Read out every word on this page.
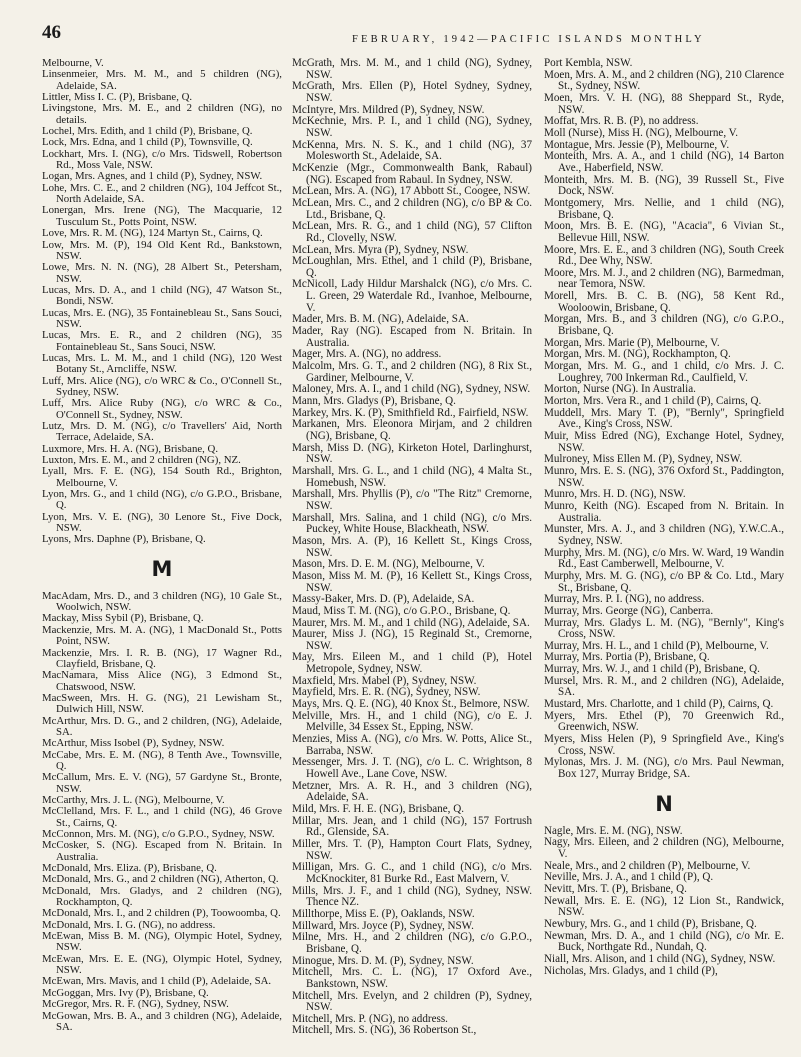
46	FEBRUARY, 1942—PACIFIC ISLANDS MONTHLY
Melbourne, V.
Linsenmeier, Mrs. M. M., and 5 children (NG), Adelaide, SA.
Littler, Miss I. C. (P), Brisbane, Q.
Livingstone, Mrs. M. E., and 2 children (NG), no details.
Lochel, Mrs. Edith, and 1 child (P), Brisbane, Q.
Lock, Mrs. Edna, and 1 child (P), Townsville, Q.
Lockhart, Mrs. I. (NG), c/o Mrs. Tidswell, Robertson Rd., Moss Vale, NSW.
Logan, Mrs. Agnes, and 1 child (P), Sydney, NSW.
Lohe, Mrs. C. E., and 2 children (NG), 104 Jeffcot St., North Adelaide, SA.
Lonergan, Mrs. Irene (NG), The Macquarie, 12 Tusculum St., Potts Point, NSW.
Love, Mrs. R. M. (NG), 124 Martyn St., Cairns, Q.
Low, Mrs. M. (P), 194 Old Kent Rd., Bankstown, NSW.
Lowe, Mrs. N. N. (NG), 28 Albert St., Petersham, NSW.
Lucas, Mrs. D. A., and 1 child (NG), 47 Watson St., Bondi, NSW.
Lucas, Mrs. E. (NG), 35 Fontainebleau St., Sans Souci, NSW.
Lucas, Mrs. E. R., and 2 children (NG), 35 Fontainebleau St., Sans Souci, NSW.
Lucas, Mrs. L. M. M., and 1 child (NG), 120 West Botany St., Arncliffe, NSW.
Luff, Mrs. Alice (NG), c/o WRC & Co., O'Connell St., Sydney, NSW.
Luff, Mrs. Alice Ruby (NG), c/o WRC & Co., O'Connell St., Sydney, NSW.
Lutz, Mrs. D. M. (NG), c/o Travellers' Aid, North Terrace, Adelaide, SA.
Luxmore, Mrs. H. A. (NG), Brisbane, Q.
Luxton, Mrs. E. M., and 2 children (NG), NZ.
Lyall, Mrs. F. E. (NG), 154 South Rd., Brighton, Melbourne, V.
Lyon, Mrs. G., and 1 child (NG), c/o G.P.O., Brisbane, Q.
Lyon, Mrs. V. E. (NG), 30 Lenore St., Five Dock, NSW.
Lyons, Mrs. Daphne (P), Brisbane, Q.
M
MacAdam, Mrs. D., and 3 children (NG), 10 Gale St., Woolwich, NSW.
Mackay, Miss Sybil (P), Brisbane, Q.
Mackenzie, Mrs. M. A. (NG), 1 MacDonald St., Potts Point, NSW.
Mackenzie, Mrs. I. R. B. (NG), 17 Wagner Rd., Clayfield, Brisbane, Q.
MacNamara, Miss Alice (NG), 3 Edmond St., Chatswood, NSW.
MacSween, Mrs. H. G. (NG), 21 Lewisham St., Dulwich Hill, NSW.
McArthur, Mrs. D. G., and 2 children, (NG), Adelaide, SA.
McArthur, Miss Isobel (P), Sydney, NSW.
McCabe, Mrs. E. M. (NG), 8 Tenth Ave., Townsville, Q.
McCallum, Mrs. E. V. (NG), 57 Gardyne St., Bronte, NSW.
McCarthy, Mrs. J. L. (NG), Melbourne, V.
McClelland, Mrs. F. L., and 1 child (NG), 46 Grove St., Cairns, Q.
McConnon, Mrs. M. (NG), c/o G.P.O., Sydney, NSW.
McCosker, S. (NG). Escaped from N. Britain. In Australia.
McDonald, Mrs. Eliza. (P), Brisbane, Q.
McDonald, Mrs. G., and 2 children (NG), Atherton, Q.
McDonald, Mrs. Gladys, and 2 children (NG), Rockhampton, Q.
McDonald, Mrs. I., and 2 children (P), Toowoomba, Q.
McDonald, Mrs. I. G. (NG), no address.
McEwan, Miss B. M. (NG), Olympic Hotel, Sydney, NSW.
McEwan, Mrs. E. E. (NG), Olympic Hotel, Sydney, NSW.
McEwan, Mrs. Mavis, and 1 child (P), Adelaide, SA.
McGoggan, Mrs. Ivy (P), Brisbane, Q.
McGregor, Mrs. R. F. (NG), Sydney, NSW.
McGowan, Mrs. B. A., and 3 children (NG), Adelaide, SA.
McGrath, Mrs. M. M., and 1 child (NG), Sydney, NSW.
McGrath, Mrs. Ellen (P), Hotel Sydney, Sydney, NSW.
McIntyre, Mrs. Mildred (P), Sydney, NSW.
McKechnie, Mrs. P. I., and 1 child (NG), Sydney, NSW.
McKenna, Mrs. N. S. K., and 1 child (NG), 37 Molesworth St., Adelaide, SA.
McKenzie (Mgr., Commonwealth Bank, Rabaul) (NG). Escaped from Rabaul. In Sydney, NSW.
McLean, Mrs. A. (NG), 17 Abbott St., Coogee, NSW.
McLean, Mrs. C., and 2 children (NG), c/o BP & Co. Ltd., Brisbane, Q.
McLean, Mrs. R. G., and 1 child (NG), 57 Clifton Rd., Clovelly, NSW.
McLean, Mrs. Myra (P), Sydney, NSW.
McLoughlan, Mrs. Ethel, and 1 child (P), Brisbane, Q.
McNicoll, Lady Hildur Marshalck (NG), c/o Mrs. C. L. Green, 29 Waterdale Rd., Ivanhoe, Melbourne, V.
Mader, Mrs. B. M. (NG), Adelaide, SA.
Mader, Ray (NG). Escaped from N. Britain. In Australia.
Mager, Mrs. A. (NG), no address.
Malcolm, Mrs. G. T., and 2 children (NG), 8 Rix St., Gardiner, Melbourne, V.
Maloney, Mrs. A. I., and 1 child (NG), Sydney, NSW.
Mann, Mrs. Gladys (P), Brisbane, Q.
Markey, Mrs. K. (P), Smithfield Rd., Fairfield, NSW.
Markanen, Mrs. Eleonora Mirjam, and 2 children (NG), Brisbane, Q.
Marsh, Miss D. (NG), Kirketon Hotel, Darlinghurst, NSW.
Marshall, Mrs. G. L., and 1 child (NG), 4 Malta St., Homebush, NSW.
Marshall, Mrs. Phyllis (P), c/o "The Ritz" Cremorne, NSW.
Marshall, Mrs. Salina, and 1 child (NG), c/o Mrs. Puckey, White House, Blackheath, NSW.
Mason, Mrs. A. (P), 16 Kellett St., Kings Cross, NSW.
Mason, Mrs. D. E. M. (NG), Melbourne, V.
Mason, Miss M. M. (P), 16 Kellett St., Kings Cross, NSW.
Massy-Baker, Mrs. D. (P), Adelaide, SA.
Maud, Miss T. M. (NG), c/o G.P.O., Brisbane, Q.
Maurer, Mrs. M. M., and 1 child (NG), Adelaide, SA.
Maurer, Miss J. (NG), 15 Reginald St., Cremorne, NSW.
May, Mrs. Eileen M., and 1 child (P), Hotel Metropole, Sydney, NSW.
Maxfield, Mrs. Mabel (P), Sydney, NSW.
Mayfield, Mrs. E. R. (NG), Sydney, NSW.
Mays, Mrs. Q. E. (NG), 40 Knox St., Belmore, NSW.
Melville, Mrs. H., and 1 child (NG), c/o E. J. Melville, 34 Essex St., Epping, NSW.
Menzies, Miss A. (NG), c/o Mrs. W. Potts, Alice St., Barraba, NSW.
Messenger, Mrs. J. T. (NG), c/o L. C. Wrightson, 8 Howell Ave., Lane Cove, NSW.
Metzner, Mrs. A. R. H., and 3 children (NG), Adelaide, SA.
Mild, Mrs. F. H. E. (NG), Brisbane, Q.
Millar, Mrs. Jean, and 1 child (NG), 157 Fortrush Rd., Glenside, SA.
Miller, Mrs. T. (P), Hampton Court Flats, Sydney, NSW.
Milligan, Mrs. G. C., and 1 child (NG), c/o Mrs. McKnockiter, 81 Burke Rd., East Malvern, V.
Mills, Mrs. J. F., and 1 child (NG), Sydney, NSW. Thence NZ.
Millthorpe, Miss E. (P), Oaklands, NSW.
Millward, Mrs. Joyce (P), Sydney, NSW.
Milne, Mrs. H., and 2 children (NG), c/o G.P.O., Brisbane, Q.
Minogue, Mrs. D. M. (P), Sydney, NSW.
Mitchell, Mrs. C. L. (NG), 17 Oxford Ave., Bankstown, NSW.
Mitchell, Mrs. Evelyn, and 2 children (P), Sydney, NSW.
Mitchell, Mrs. P. (NG), no address.
Mitchell, Mrs. S. (NG), 36 Robertson St.,
Port Kembla, NSW.
Moen, Mrs. A. M., and 2 children (NG), 210 Clarence St., Sydney, NSW.
Moen, Mrs. V. H. (NG), 88 Sheppard St., Ryde, NSW.
Moffat, Mrs. R. B. (P), no address.
Moll (Nurse), Miss H. (NG), Melbourne, V.
Montague, Mrs. Jessie (P), Melbourne, V.
Monteith, Mrs. A. A., and 1 child (NG), 14 Barton Ave., Haberfield, NSW.
Monteith, Mrs. M. B. (NG), 39 Russell St., Five Dock, NSW.
Montgomery, Mrs. Nellie, and 1 child (NG), Brisbane, Q.
Moon, Mrs. B. E. (NG), "Acacia", 6 Vivian St., Bellevue Hill, NSW.
Moore, Mrs. E. E., and 3 children (NG), South Creek Rd., Dee Why, NSW.
Moore, Mrs. M. J., and 2 children (NG), Barmedman, near Temora, NSW.
Morell, Mrs. B. C. B. (NG), 58 Kent Rd., Wooloowin, Brisbane, Q.
Morgan, Mrs. B., and 3 children (NG), c/o G.P.O., Brisbane, Q.
Morgan, Mrs. Marie (P), Melbourne, V.
Morgan, Mrs. M. (NG), Rockhampton, Q.
Morgan, Mrs. M. G., and 1 child, c/o Mrs. J. C. Loughrey, 700 Inkerman Rd., Caulfield, V.
Morton, Nurse (NG). In Australia.
Morton, Mrs. Vera R., and 1 child (P), Cairns, Q.
Muddell, Mrs. Mary T. (P), "Bernly", Springfield Ave., King's Cross, NSW.
Muir, Miss Edred (NG), Exchange Hotel, Sydney, NSW.
Mulroney, Miss Ellen M. (P), Sydney, NSW.
Munro, Mrs. E. S. (NG), 376 Oxford St., Paddington, NSW.
Munro, Mrs. H. D. (NG), NSW.
Munro, Keith (NG). Escaped from N. Britain. In Australia.
Munster, Mrs. A. J., and 3 children (NG), Y.W.C.A., Sydney, NSW.
Murphy, Mrs. M. (NG), c/o Mrs. W. Ward, 19 Wandin Rd., East Camberwell, Melbourne, V.
Murphy, Mrs. M. G. (NG), c/o BP & Co. Ltd., Mary St., Brisbane, Q.
Murray, Mrs. P. I. (NG), no address.
Murray, Mrs. George (NG), Canberra.
Murray, Mrs. Gladys L. M. (NG), "Bernly", King's Cross, NSW.
Murray, Mrs. H. L., and 1 child (P), Melbourne, V.
Murray, Mrs. Portia (P), Brisbane, Q.
Murray, Mrs. W. J., and 1 child (P), Brisbane, Q.
Mursel, Mrs. R. M., and 2 children (NG), Adelaide, SA.
Mustard, Mrs. Charlotte, and 1 child (P), Cairns, Q.
Myers, Mrs. Ethel (P), 70 Greenwich Rd., Greenwich, NSW.
Myers, Miss Helen (P), 9 Springfield Ave., King's Cross, NSW.
Mylonas, Mrs. J. M. (NG), c/o Mrs. Paul Newman, Box 127, Murray Bridge, SA.
N
Nagle, Mrs. E. M. (NG), NSW.
Nagy, Mrs. Eileen, and 2 children (NG), Melbourne, V.
Neale, Mrs., and 2 children (P), Melbourne, V.
Neville, Mrs. J. A., and 1 child (P), Q.
Nevitt, Mrs. T. (P), Brisbane, Q.
Newall, Mrs. E. E. (NG), 12 Lion St., Randwick, NSW.
Newbury, Mrs. G., and 1 child (P), Brisbane, Q.
Newman, Mrs. D. A., and 1 child (NG), c/o Mr. E. Buck, Northgate Rd., Nundah, Q.
Niall, Mrs. Alison, and 1 child (NG), Sydney, NSW.
Nicholas, Mrs. Gladys, and 1 child (P),
